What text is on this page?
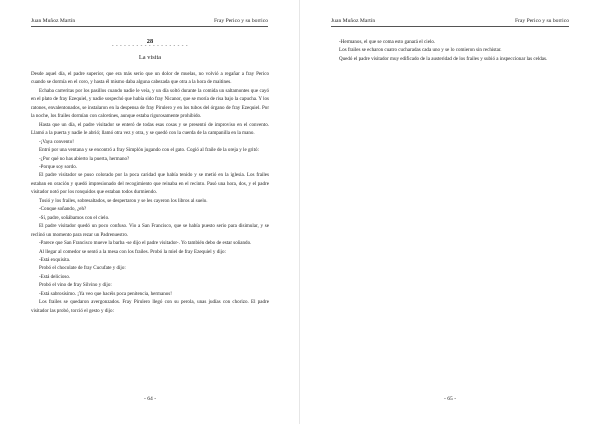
Juan Muñoz Martín	Fray Perico y su borrico
28
- - - - - - - - - - - - - - - - - - -
La visita

Desde aquel día, el padre superior, que era más serio que un dolor de muelas, no volvió a regañar a fray Perico cuando se dormía en el coro, y hasta él mismo daba alguna cabezada que otra a la hora de maitines.

Echaba carreritas por los pasillos cuando nadie le veía, y un día soltó durante la comida un saltamontes que cayó en el plato de fray Ezequiel, y nadie sospechó que había sido fray Nicanor, que se moría de risa bajo la capucha. Y los ratones, envalentonados, se instalaron en la despensa de fray Pirulero y en los tubos del órgano de fray Ezequiel. Por la noche, los frailes dormían con calcetines, aunque estaba rigurosamente prohibido.

Hasta que un día, el padre visitador se enteró de todas esas cosas y se presentó de improviso en el convento. Llamó a la puerta y nadie le abrió; llamó otra vez y otra, y se quedó con la cuerda de la campanilla en la mano.

-¡Vaya convento!

Entró por una ventana y se encontró a fray Simplón jugando con el gato. Cogió al fraile de la oreja y le gritó:

-¿Por qué no has abierto la puerta, hermano?

-Porque soy sordo.

El padre visitador se puso colorado por la poca caridad que había tenido y se metió en la iglesia. Los frailes estaban en oración y quedó impresionado del recogimiento que reinaba en el recinto. Pasó una hora, dos, y el padre visitador notó por los ronquidos que estaban todos durmiendo.

Tosió y los frailes, sobresaltados, se despertaron y se les cayeron los libros al suelo.

-Conque soñando, ¿eh?

-Sí, padre, soñábamos con el cielo.

El padre visitador quedó un poco confuso. Vio a San Francisco, que se había puesto serio para disimular, y se reclinó un momento para rezar un Padrenuestro.

-Parece que San Francisco mueve la barba -se dijo el padre visitador-. Yo también debo de estar soñando.

Al llegar al comedor se sentó a la mesa con los frailes. Probó la miel de fray Ezequiel y dijo:

-Está exquisita.

Probó el chocolate de fray Cucufate y dijo:

-Está delicioso.

Probó el vino de fray Silvino y dijo:

-Está sabrosísimo. ¡Ya veo que hacéis poca penitencia, hermanos!

Los frailes se quedaron avergonzados. Fray Pirulero llegó con su perola, unas judías con chorizo. El padre visitador las probó, torció el gesto y dijo:

- 64 -
Juan Muñoz Martín	Fray Perico y su borrico

-Hermanos, el que se coma esto ganará el cielo.

Los frailes se echaron cuatro cucharadas cada uno y se lo comieron sin rechistar.

Quedó el padre visitador muy edificado de la austeridad de los frailes y subió a inspeccionar las celdas.

- 65 -
